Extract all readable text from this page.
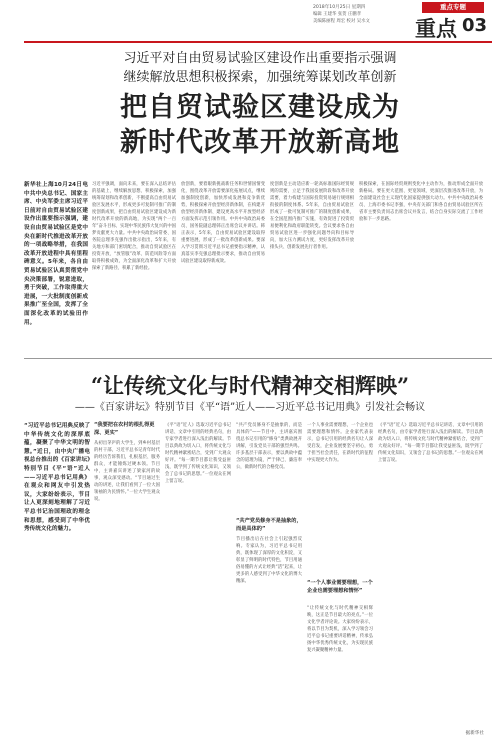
2018年10月25日 星期四
编辑 王建华 张贺 庄鹏孝
美编陈丽程 周宏 校对 吴水文
重点专题
重点 03
习近平对自由贸易试验区建设作出重要指示强调
继续解放思想积极探索，加强统筹谋划改革创新
把自贸试验区建设成为
新时代改革开放新高地
新华社上海10月24日电 中共中央总书记、国家主席、中央军委主席习近平日前对自由贸易试验区建设作出重要指示强调，建设自由贸易试验区是党中央在新时代推进改革开放的一项战略举措，在我国改革开放进程中具有里程碑意义。5年来，各自由贸易试验区认真贯彻党中央决策部署，锐意进取，勇于突破，工作取得重大进展，一大批制度创新成果推广至全国，发挥了全面深化改革的试验田作用。
习近平强调，面向未来，要在深入总结评估的基础上，继续解放思想、积极探索，加强统筹谋划和改革创新，不断提高自由贸易试验区发展水平，形成更多可复制可推广的制度创新成果，把自由贸易试验区建设成为新时代改革开放的新高地，为实现“两个一百年”奋斗目标、实现中华民族伟大复兴的中国梦贡献更大力量。中共中央政治局常委、国务院总理李克强作出批示指出，5年来，有关地方和部门密切配合，推动自贸试验区在投资开放、“放管服”改革、防范风险等方面取得积极成效，为全面深化改革和扩大开放探索了新路径、积累了新经验。
放创新，要着眼新挑战新任务和世情国情变化，围绕改革开放需要深化拓展试点，继续加强制度创新，加快形成发展和竞争新优势，积极探索开放型经济新体制，在构建开放型经济新体制、建设更高水平开放型经济方面发挥示范引领作用。中共中央政治局委员、国务院副总理韩正出席会议并讲话。韩正表示，5年来，自由贸易试验区建设取得重要进展，形成了一批改革创新成果。要深入学习贯彻习近平总书记重要指示精神，认真落实李克强总理批示要求，推动自由贸易试验区建设取得新成效。
度创新是主动适应新一轮高标准国际经贸规则的需要，立足于我国发展阶段和改革开放需要，着力构建与国际投资贸易通行规则相衔接的制度体系。5年来，自由贸易试验区形成了一批可复制可推广的制度创新成果，在全国范围内推广实施，有效促进了投资贸易便利化和政府职能转变。会议要求各自由贸易试验区进一步强化问题导向和目标导向，加大压力测试力度，更好发挥改革开放排头兵、创新发展先行者作用。
积极探索，在国际经贸规则变化中主动作为，推动形成全面开放新格局。要在更大范围、更宽领域、更深层次推进改革开放，为全面建设社会主义现代化国家提供强大动力。中共中央政治局委员、上海市委书记李强，中央有关部门和各自由贸易试验区所在省市主要负责同志出席会议并发言，结合自身实际交流了工作经验和下一步思路。
“让传统文化与时代精神交相辉映”
——《百家讲坛》特别节目《平“语”近人——习近平总书记用典》引发社会畅议
“习近平总书记用典反映了中华传统文化的深厚底蕴，凝聚了中华文明的智慧。”近日，由中央广播电视总台推出的《百家讲坛》特别节目《平“语”近人——习近平总书记用典》在观众和网友中引发热议，大家纷纷表示，节目让人更深刻地理解了习近平总书记治国理政的理念和思想，感受到了中华优秀传统文化的魅力。
“我要把在农村的根扎得更深、更实”
从初出茅庐的大学生，到乡村基层的村干部，习近平总书记青年时代的经历告诉我们，扎根基层、服务群众，才能锤炼过硬本领。节目中，主讲嘉宾讲述了梁家河的故事，观众深受感动。“节目通过生动的讲述，让我们看到了一位大国领袖的为民情怀。”一位大学生观众说。
《平“语”近人》选取习近平总书记讲话、文章中引用的经典名句，由专家学者进行深入浅出的解读。节目以典故为切入口，将传统文化与时代精神紧密结合，受到广大观众好评。“每一期节目都让我受益匪浅，既学到了传统文化知识，又领会了总书记的思想。”一位观众在网上留言说。
“共产党员修身不是抽象的，而是具体的”——节目中，主讲嘉宾围绕总书记引用的“修身”类典故展开讲解，引发党员干部的强烈共鸣。许多基层干部表示，要以典故中蕴含的道理为镜，严于律己、廉洁奉公，做新时代的合格党员。
“共产党员修身不是抽象的，而是具体的”
节目播出后在社会上引起强烈反响。专家认为，习近平总书记用典，既体现了深厚的文化积淀，又彰显了鲜明的时代特色，节目用通俗易懂的方式让经典“活”起来，让更多的人感受到了中华文化的博大精深。
一个人事业需要理想，一个企业也需要理想和情怀。企业家代表表示，总书记引用的经典名句让人深受启发，企业发展要坚守初心，勇于担当社会责任，在新时代的征程中实现更大作为。
“一个人事业需要理想，一个企业也需要理想和情怀”
“让传统文化与时代精神交相辉映，这正是节目最大的亮点。”一位文化学者评论说。大家纷纷表示，将以节目为契机，深入学习领会习近平总书记重要讲话精神，传承弘扬中华优秀传统文化，为实现民族复兴凝聚精神力量。
《平“语”近人》选取习近平总书记讲话、文章中引用的经典名句，由专家学者进行深入浅出的解读。节目以典故为切入口，将传统文化与时代精神紧密结合，受到广大观众好评。“每一期节目都让我受益匪浅，既学到了传统文化知识，又领会了总书记的思想。”一位观众在网上留言说。
据新华社
